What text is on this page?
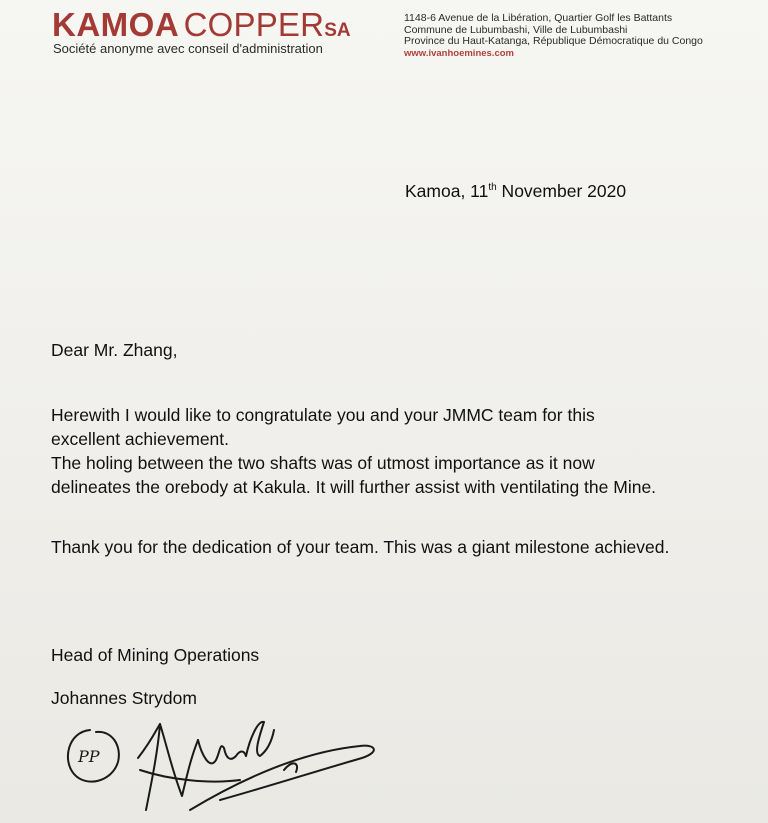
KAMOA COPPERSA
Société anonyme avec conseil d'administration
1148-6 Avenue de la Libération, Quartier Golf les Battants
Commune de Lubumbashi, Ville de Lubumbashi
Province du Haut-Katanga, République Démocratique du Congo
www.ivanhoemines.com
Kamoa, 11th November 2020
Dear Mr. Zhang,

Herewith I would like to congratulate you and your JMMC team for this

excellent achievement.

The holing between the two shafts was of utmost importance as it now

delineates the orebody at Kakula. It will further assist with ventilating the Mine.

Thank you for the dedication of your team. This was a giant milestone achieved.
Head of Mining Operations
Johannes Strydom
PP
